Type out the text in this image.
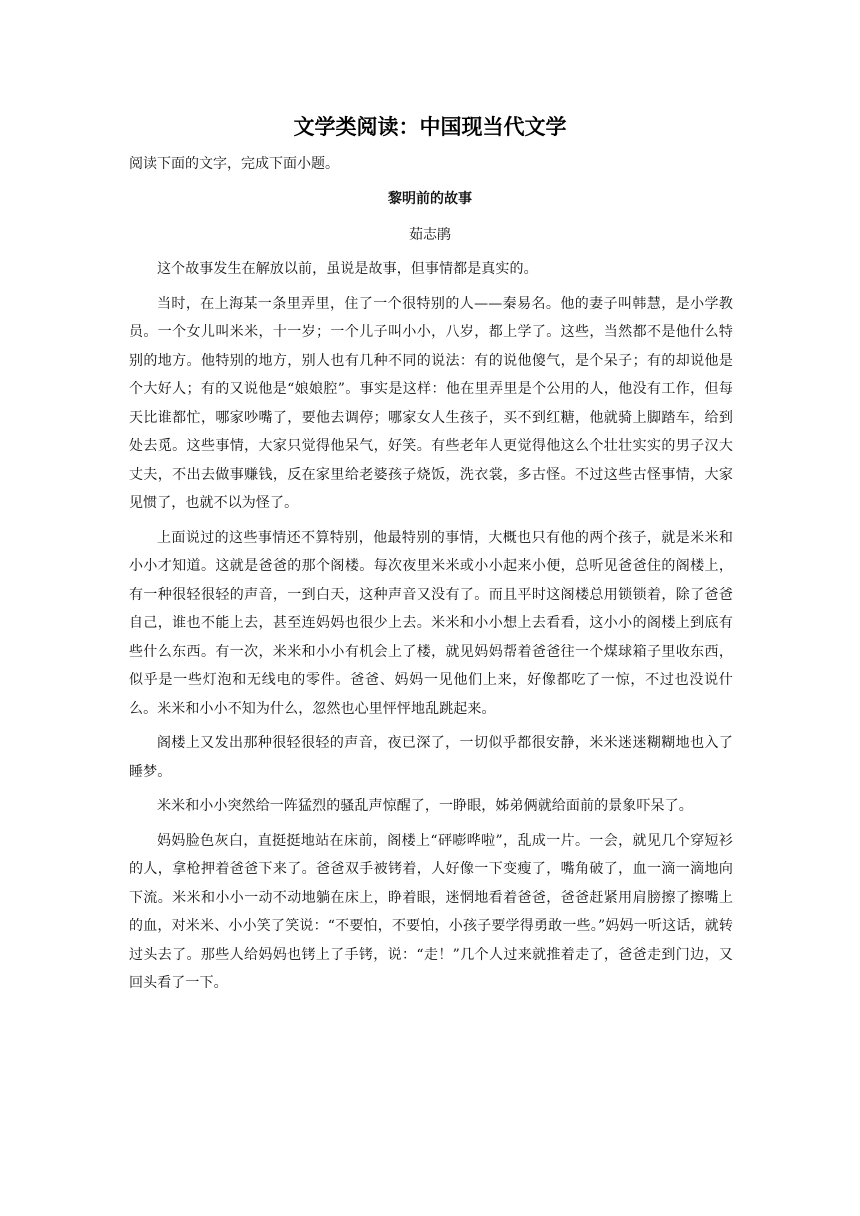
文学类阅读：中国现当代文学

阅读下面的文字，完成下面小题。

黎明前的故事

茹志鹃

这个故事发生在解放以前，虽说是故事，但事情都是真实的。

当时，在上海某一条里弄里，住了一个很特别的人——秦易名。他的妻子叫韩慧，是小学教员。一个女儿叫米米，十一岁；一个儿子叫小小，八岁，都上学了。这些，当然都不是他什么特别的地方。他特别的地方，别人也有几种不同的说法：有的说他傻气，是个呆子；有的却说他是个大好人；有的又说他是“娘娘腔”。事实是这样：他在里弄里是个公用的人，他没有工作，但每天比谁都忙，哪家吵嘴了，要他去调停；哪家女人生孩子，买不到红糖，他就骑上脚踏车，给到处去觅。这些事情，大家只觉得他呆气，好笑。有些老年人更觉得他这么个壮壮实实的男子汉大丈夫，不出去做事赚钱，反在家里给老婆孩子烧饭，洗衣裳，多古怪。不过这些古怪事情，大家见惯了，也就不以为怪了。

上面说过的这些事情还不算特别，他最特别的事情，大概也只有他的两个孩子，就是米米和小小才知道。这就是爸爸的那个阁楼。每次夜里米米或小小起来小便，总听见爸爸住的阁楼上，有一种很轻很轻的声音，一到白天，这种声音又没有了。而且平时这阁楼总用锁锁着，除了爸爸自己，谁也不能上去，甚至连妈妈也很少上去。米米和小小想上去看看，这小小的阁楼上到底有些什么东西。有一次，米米和小小有机会上了楼，就见妈妈帮着爸爸往一个煤球箱子里收东西，似乎是一些灯泡和无线电的零件。爸爸、妈妈一见他们上来，好像都吃了一惊，不过也没说什么。米米和小小不知为什么，忽然也心里怦怦地乱跳起来。

阁楼上又发出那种很轻很轻的声音，夜已深了，一切似乎都很安静，米米迷迷糊糊地也入了睡梦。

米米和小小突然给一阵猛烈的骚乱声惊醒了，一睁眼，姊弟俩就给面前的景象吓呆了。

妈妈脸色灰白，直挺挺地站在床前，阁楼上“砰嘭哗啦”，乱成一片。一会，就见几个穿短衫的人，拿枪押着爸爸下来了。爸爸双手被铐着，人好像一下变瘦了，嘴角破了，血一滴一滴地向下流。米米和小小一动不动地躺在床上，睁着眼，迷惘地看着爸爸，爸爸赶紧用肩膀擦了擦嘴上的血，对米米、小小笑了笑说：“不要怕，不要怕，小孩子要学得勇敢一些。”妈妈一听这话，就转过头去了。那些人给妈妈也铐上了手铐，说：“走！”几个人过来就推着走了，爸爸走到门边，又回头看了一下。
